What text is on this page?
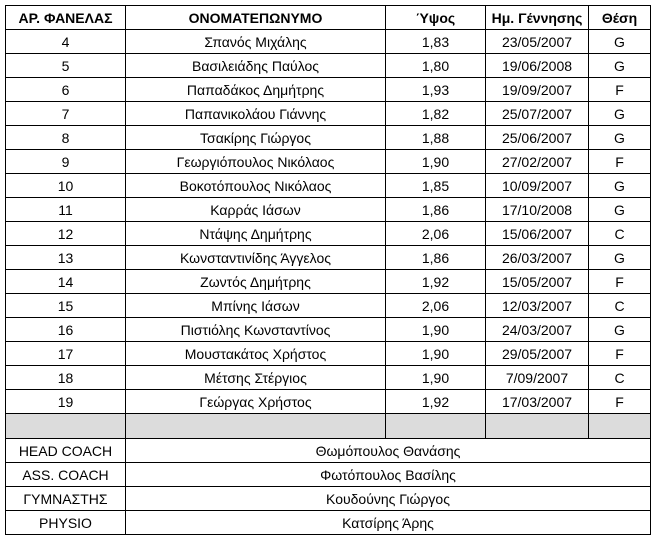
ΑΡ. ΦΑΝΕΛΑΣ	ΟΝΟΜΑΤΕΠΩΝΥΜΟ	Ύψος	Ημ. Γέννησης	Θέση
4	Σπανός Μιχάλης	1,83	23/05/2007	G
5	Βασιλειάδης Παύλος	1,80	19/06/2008	G
6	Παπαδάκος Δημήτρης	1,93	19/09/2007	F
7	Παπανικολάου Γιάννης	1,82	25/07/2007	G
8	Τσακίρης Γιώργος	1,88	25/06/2007	G
9	Γεωργιόπουλος Νικόλαος	1,90	27/02/2007	F
10	Βοκοτόπουλος Νικόλαος	1,85	10/09/2007	G
11	Καρράς Ιάσων	1,86	17/10/2008	G
12	Ντάψης Δημήτρης	2,06	15/06/2007	C
13	Κωνσταντινίδης Άγγελος	1,86	26/03/2007	G
14	Ζωντός Δημήτρης	1,92	15/05/2007	F
15	Μπίνης Ιάσων	2,06	12/03/2007	C
16	Πιστιόλης Κωνσταντίνος	1,90	24/03/2007	G
17	Μουστακάτος Χρήστος	1,90	29/05/2007	F
18	Μέτσης Στέργιος	1,90	7/09/2007	C
19	Γεώργας Χρήστος	1,92	17/03/2007	F

HEAD COACH	Θωμόπουλος Θανάσης			
ASS. COACH	Φωτόπουλος Βασίλης			
ΓΥΜΝΑΣΤΗΣ	Κουδούνης Γιώργος			
PHYSIO	Κατσίρης Άρης			
